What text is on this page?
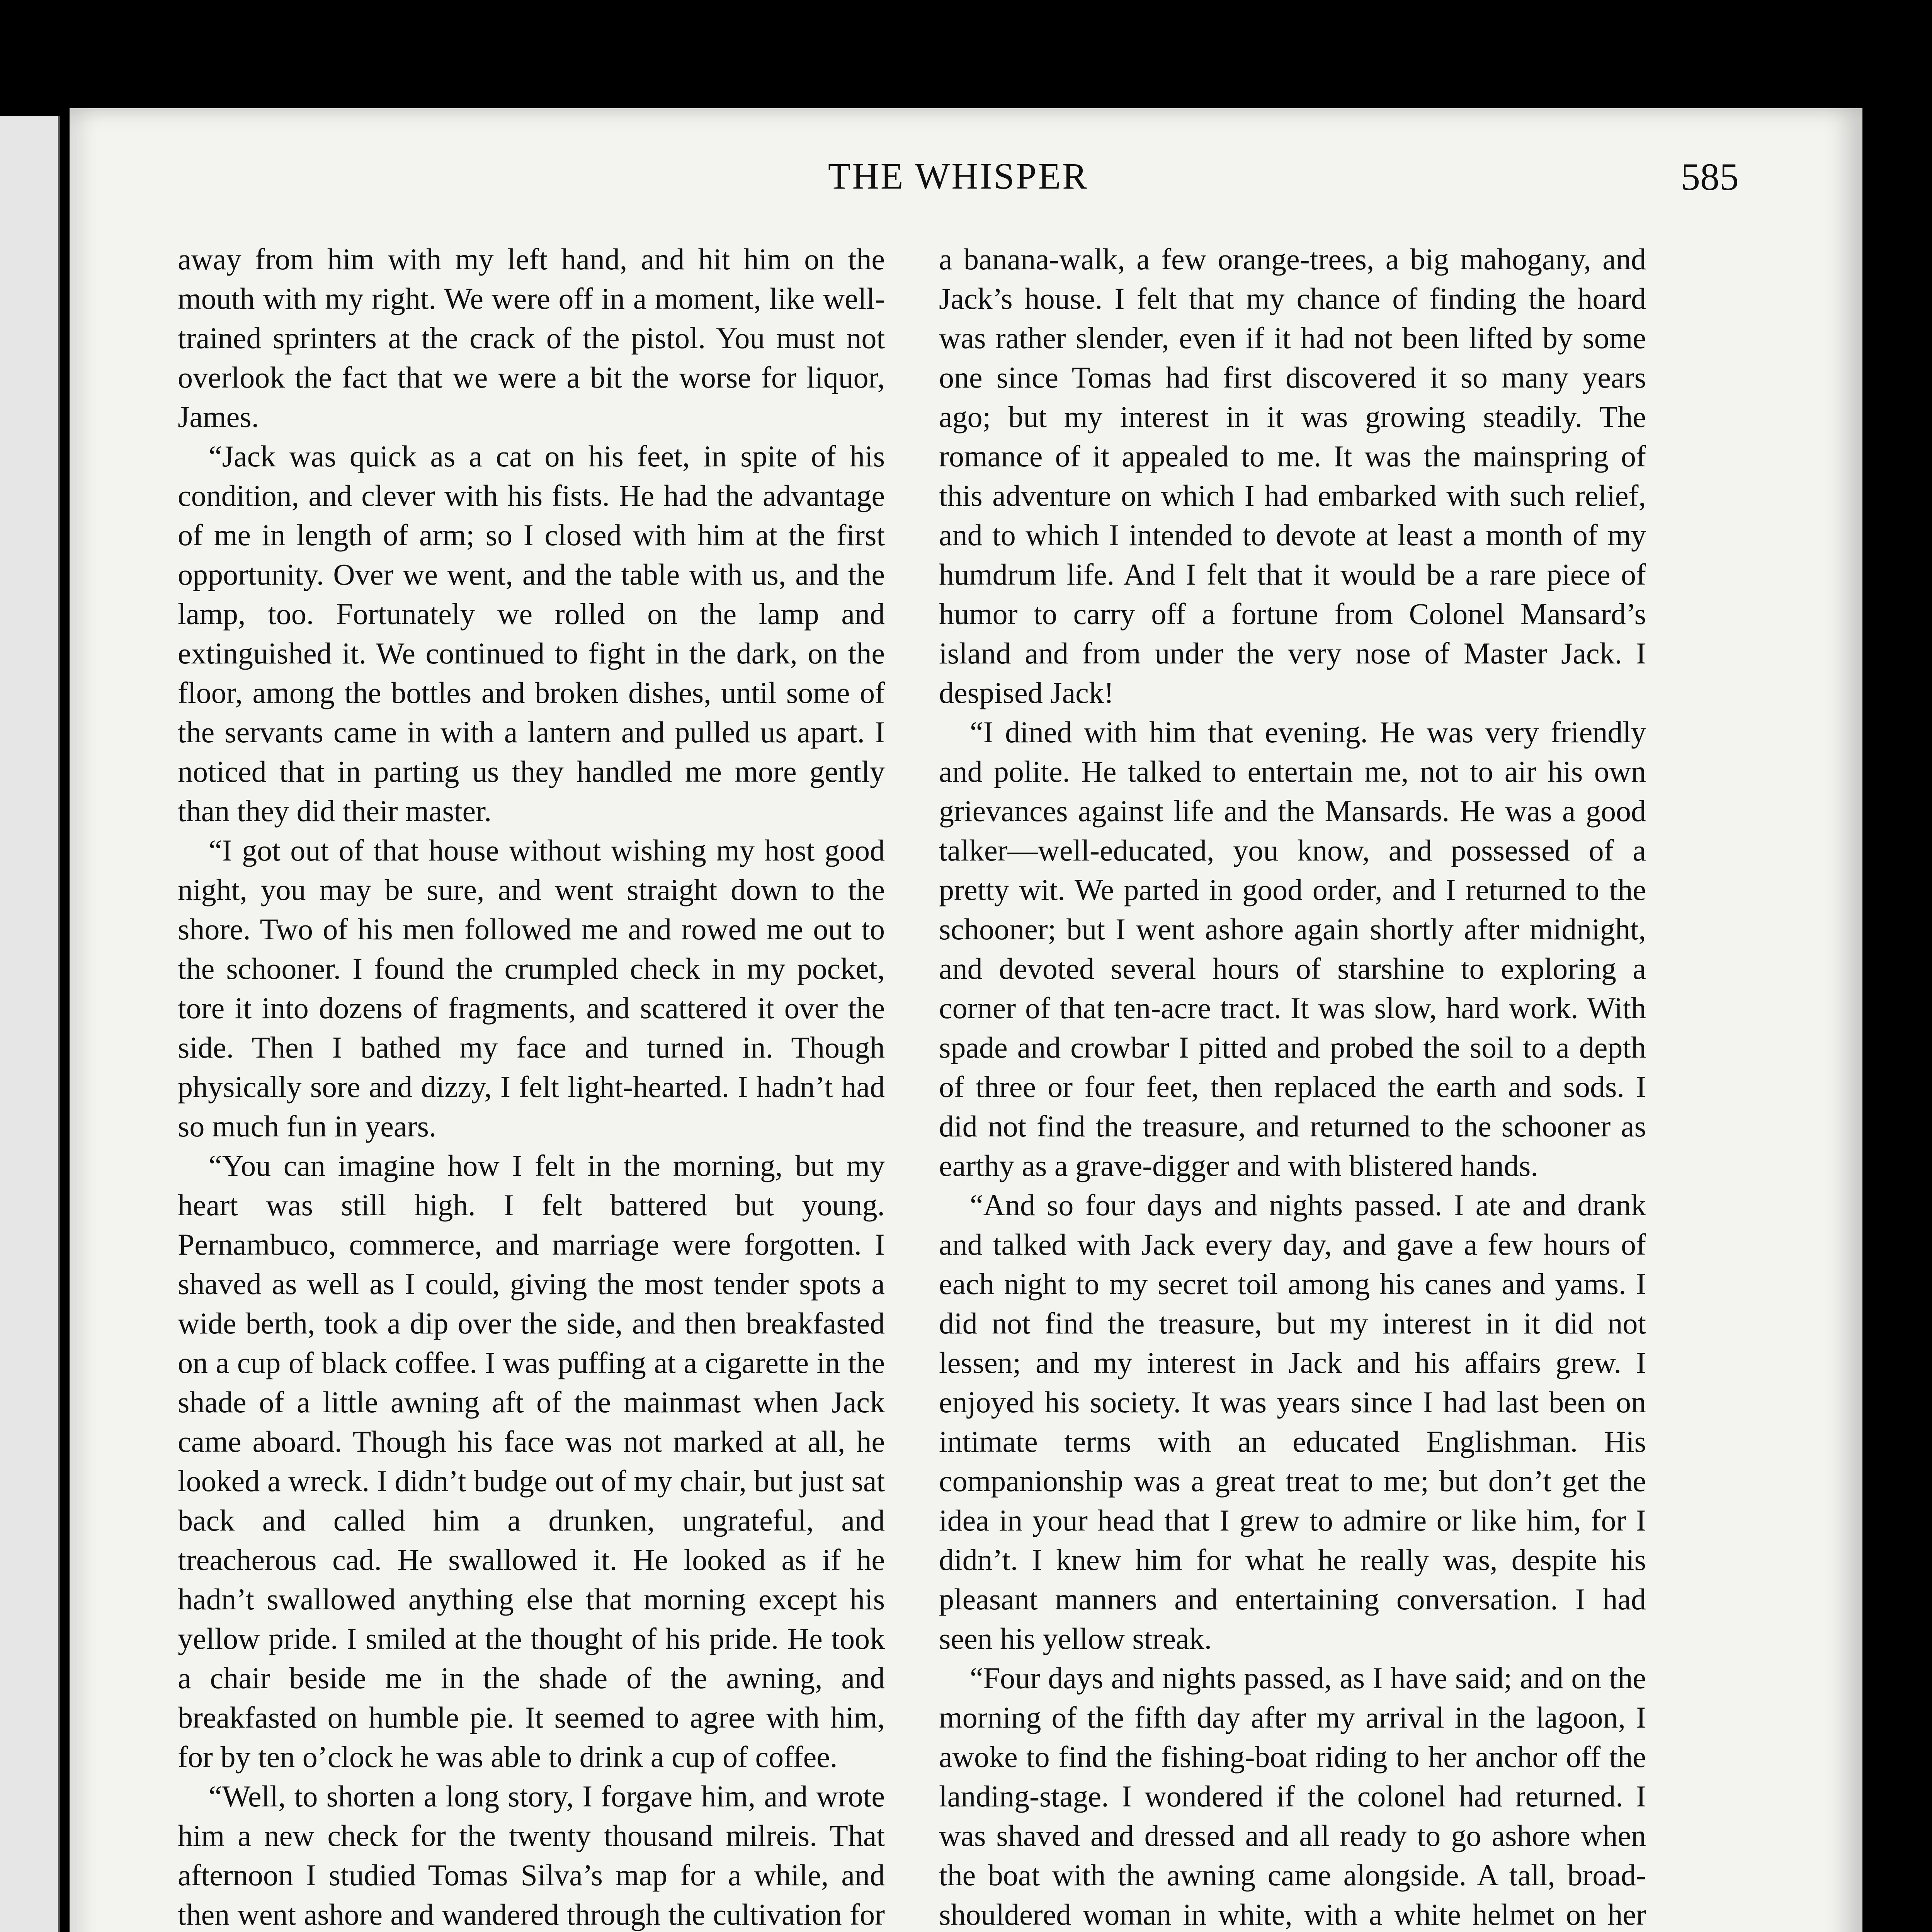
THE WHISPER	585

away from him with my left hand, and hit him on the mouth with my right. We were off in a moment, like well-trained sprinters at the crack of the pistol. You must not overlook the fact that we were a bit the worse for liquor, James.

“Jack was quick as a cat on his feet, in spite of his condition, and clever with his fists. He had the advantage of me in length of arm; so I closed with him at the first opportunity. Over we went, and the table with us, and the lamp, too. Fortunately we rolled on the lamp and extinguished it. We continued to fight in the dark, on the floor, among the bottles and broken dishes, until some of the servants came in with a lantern and pulled us apart. I noticed that in parting us they handled me more gently than they did their master.

“I got out of that house without wishing my host good night, you may be sure, and went straight down to the shore. Two of his men followed me and rowed me out to the schooner. I found the crumpled check in my pocket, tore it into dozens of fragments, and scattered it over the side. Then I bathed my face and turned in. Though physically sore and dizzy, I felt light-hearted. I hadn’t had so much fun in years.

“You can imagine how I felt in the morning, but my heart was still high. I felt battered but young. Pernambuco, commerce, and marriage were forgotten. I shaved as well as I could, giving the most tender spots a wide berth, took a dip over the side, and then breakfasted on a cup of black coffee. I was puffing at a cigarette in the shade of a little awning aft of the mainmast when Jack came aboard. Though his face was not marked at all, he looked a wreck. I didn’t budge out of my chair, but just sat back and called him a drunken, ungrateful, and treacherous cad. He swallowed it. He looked as if he hadn’t swallowed anything else that morning except his yellow pride. I smiled at the thought of his pride. He took a chair beside me in the shade of the awning, and breakfasted on humble pie. It seemed to agree with him, for by ten o’clock he was able to drink a cup of coffee.

“Well, to shorten a long story, I forgave him, and wrote him a new check for the twenty thousand milreis. That afternoon I studied Tomas Silva’s map for a while, and then went ashore and wandered through the cultivation for

a banana-walk, a few orange-trees, a big mahogany, and Jack’s house. I felt that my chance of finding the hoard was rather slender, even if it had not been lifted by some one since Tomas had first discovered it so many years ago; but my interest in it was growing steadily. The romance of it appealed to me. It was the mainspring of this adventure on which I had embarked with such relief, and to which I intended to devote at least a month of my humdrum life. And I felt that it would be a rare piece of humor to carry off a fortune from Colonel Mansard’s island and from under the very nose of Master Jack. I despised Jack!

“I dined with him that evening. He was very friendly and polite. He talked to entertain me, not to air his own grievances against life and the Mansards. He was a good talker—well-educated, you know, and possessed of a pretty wit. We parted in good order, and I returned to the schooner; but I went ashore again shortly after midnight, and devoted several hours of starshine to exploring a corner of that ten-acre tract. It was slow, hard work. With spade and crowbar I pitted and probed the soil to a depth of three or four feet, then replaced the earth and sods. I did not find the treasure, and returned to the schooner as earthy as a grave-digger and with blistered hands.

“And so four days and nights passed. I ate and drank and talked with Jack every day, and gave a few hours of each night to my secret toil among his canes and yams. I did not find the treasure, but my interest in it did not lessen; and my interest in Jack and his affairs grew. I enjoyed his society. It was years since I had last been on intimate terms with an educated Englishman. His companionship was a great treat to me; but don’t get the idea in your head that I grew to admire or like him, for I didn’t. I knew him for what he really was, despite his pleasant manners and entertaining conversation. I had seen his yellow streak.

“Four days and nights passed, as I have said; and on the morning of the fifth day after my arrival in the lagoon, I awoke to find the fishing-boat riding to her anchor off the landing-stage. I wondered if the colonel had returned. I was shaved and dressed and all ready to go ashore when the boat with the awning came alongside. A tall, broad-shouldered woman in white, with a white helmet on her
